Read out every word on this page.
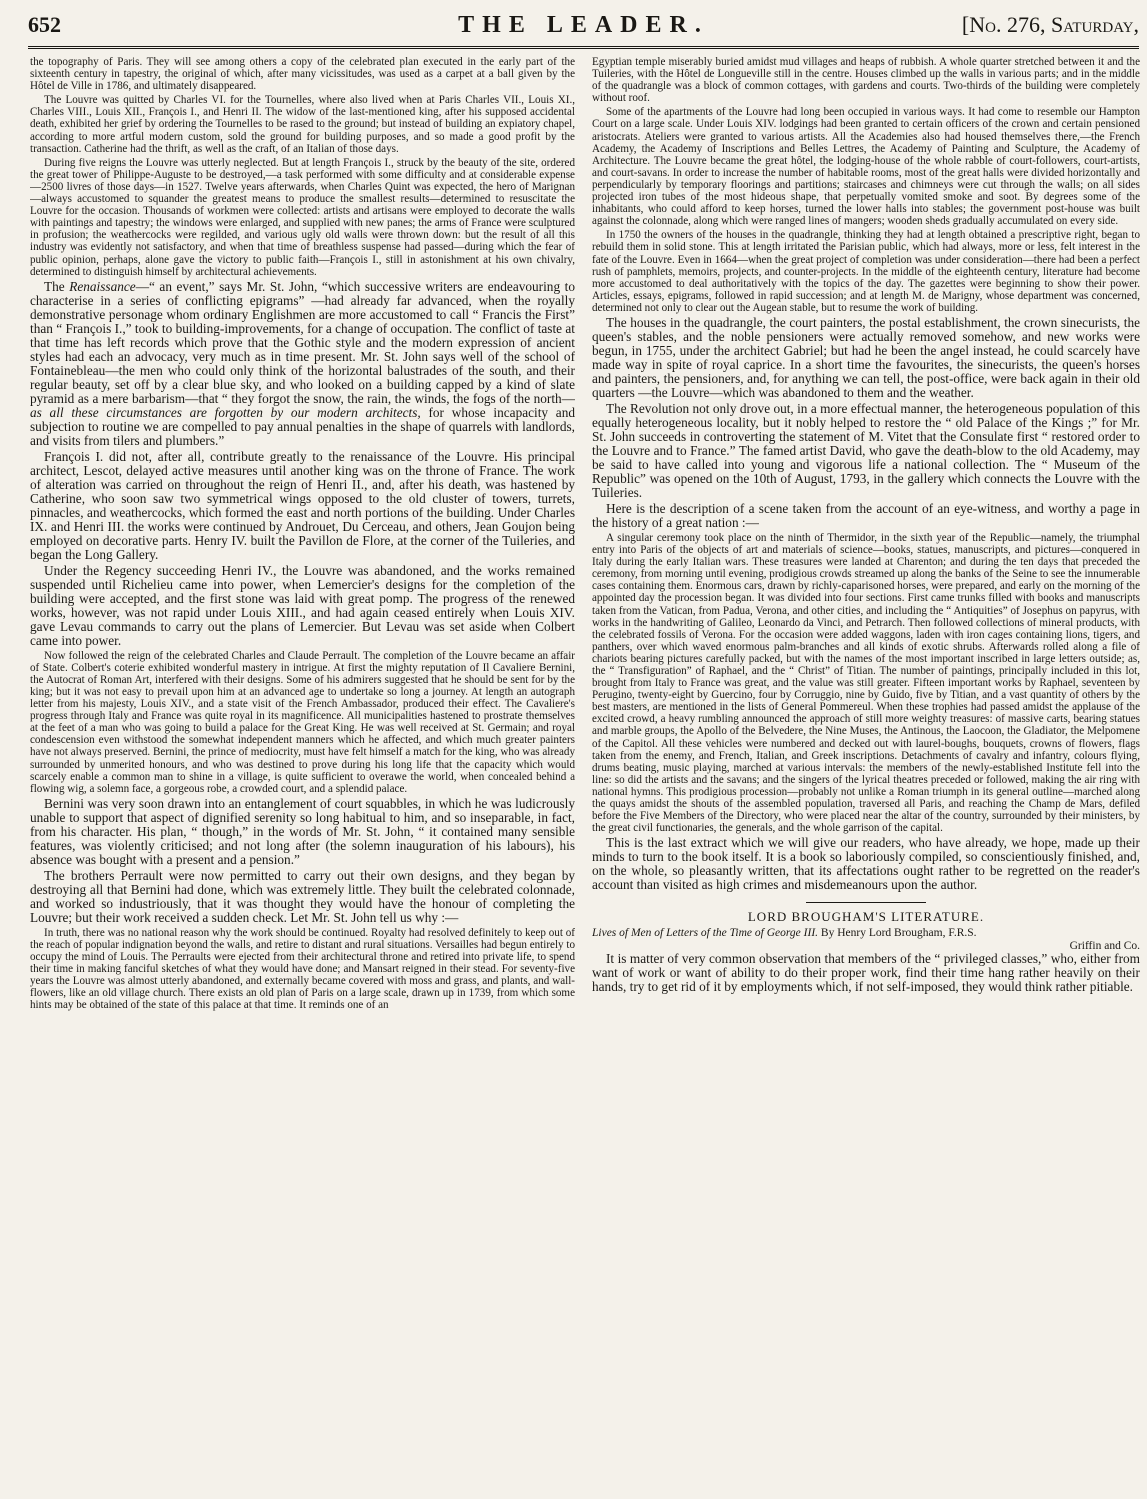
652	THE LEADER.	[No. 276, Saturday,

the topography of Paris. They will see among others a copy of the celebrated plan executed in the early part of the sixteenth century in tapestry, the original of which, after many vicissitudes, was used as a carpet at a ball given by the Hôtel de Ville in 1786, and ultimately disappeared.

The Louvre was quitted by Charles VI. for the Tournelles, where also lived when at Paris Charles VII., Louis XI., Charles VIII., Louis XII., François I., and Henri II. The widow of the last-mentioned king, after his supposed accidental death, exhibited her grief by ordering the Tournelles to be rased to the ground; but instead of building an expiatory chapel, according to more artful modern custom, sold the ground for building purposes, and so made a good profit by the transaction. Catherine had the thrift, as well as the craft, of an Italian of those days.

During five reigns the Louvre was utterly neglected. But at length François I., struck by the beauty of the site, ordered the great tower of Philippe-Auguste to be destroyed,—a task performed with some difficulty and at considerable expense—2500 livres of those days—in 1527. Twelve years afterwards, when Charles Quint was expected, the hero of Marignan—always accustomed to squander the greatest means to produce the smallest results—determined to resuscitate the Louvre for the occasion. Thousands of workmen were collected: artists and artisans were employed to decorate the walls with paintings and tapestry; the windows were enlarged, and supplied with new panes; the arms of France were sculptured in profusion; the weathercocks were regilded, and various ugly old walls were thrown down: but the result of all this industry was evidently not satisfactory, and when that time of breathless suspense had passed—during which the fear of public opinion, perhaps, alone gave the victory to public faith—François I., still in astonishment at his own chivalry, determined to distinguish himself by architectural achievements.

The Renaissance—“ an event,” says Mr. St. John, “which successive writers are endeavouring to characterise in a series of conflicting epigrams” —had already far advanced, when the royally demonstrative personage whom ordinary Englishmen are more accustomed to call “ Francis the First” than “ François I.,” took to building-improvements, for a change of occupation. The conflict of taste at that time has left records which prove that the Gothic style and the modern expression of ancient styles had each an advocacy, very much as in time present. Mr. St. John says well of the school of Fontainebleau—the men who could only think of the horizontal balustrades of the south, and their regular beauty, set off by a clear blue sky, and who looked on a building capped by a kind of slate pyramid as a mere barbarism—that “ they forgot the snow, the rain, the winds, the fogs of the north—as all these circumstances are forgotten by our modern architects, for whose incapacity and subjection to routine we are compelled to pay annual penalties in the shape of quarrels with landlords, and visits from tilers and plumbers.”

François I. did not, after all, contribute greatly to the renaissance of the Louvre. His principal architect, Lescot, delayed active measures until another king was on the throne of France. The work of alteration was carried on throughout the reign of Henri II., and, after his death, was hastened by Catherine, who soon saw two symmetrical wings opposed to the old cluster of towers, turrets, pinnacles, and weathercocks, which formed the east and north portions of the building. Under Charles IX. and Henri III. the works were continued by Androuet, Du Cerceau, and others, Jean Goujon being employed on decorative parts. Henry IV. built the Pavillon de Flore, at the corner of the Tuileries, and began the Long Gallery.

Under the Regency succeeding Henri IV., the Louvre was abandoned, and the works remained suspended until Richelieu came into power, when Lemercier's designs for the completion of the building were accepted, and the first stone was laid with great pomp. The progress of the renewed works, however, was not rapid under Louis XIII., and had again ceased entirely when Louis XIV. gave Levau commands to carry out the plans of Lemercier. But Levau was set aside when Colbert came into power.

Now followed the reign of the celebrated Charles and Claude Perrault. The completion of the Louvre became an affair of State. Colbert's coterie exhibited wonderful mastery in intrigue. At first the mighty reputation of Il Cavaliere Bernini, the Autocrat of Roman Art, interfered with their designs. Some of his admirers suggested that he should be sent for by the king; but it was not easy to prevail upon him at an advanced age to undertake so long a journey. At length an autograph letter from his majesty, Louis XIV., and a state visit of the French Ambassador, produced their effect. The Cavaliere's progress through Italy and France was quite royal in its magnificence. All municipalities hastened to prostrate themselves at the feet of a man who was going to build a palace for the Great King. He was well received at St. Germain; and royal condescension even withstood the somewhat independent manners which he affected, and which much greater painters have not always preserved. Bernini, the prince of mediocrity, must have felt himself a match for the king, who was already surrounded by unmerited honours, and who was destined to prove during his long life that the capacity which would scarcely enable a common man to shine in a village, is quite sufficient to overawe the world, when concealed behind a flowing wig, a solemn face, a gorgeous robe, a crowded court, and a splendid palace.

Bernini was very soon drawn into an entanglement of court squabbles, in which he was ludicrously unable to support that aspect of dignified serenity so long habitual to him, and so inseparable, in fact, from his character. His plan, “ though,” in the words of Mr. St. John, “ it contained many sensible features, was violently criticised; and not long after (the solemn inauguration of his labours), his absence was bought with a present and a pension.”

The brothers Perrault were now permitted to carry out their own designs, and they began by destroying all that Bernini had done, which was extremely little. They built the celebrated colonnade, and worked so industriously, that it was thought they would have the honour of completing the Louvre; but their work received a sudden check. Let Mr. St. John tell us why :—

In truth, there was no national reason why the work should be continued. Royalty had resolved definitely to keep out of the reach of popular indignation beyond the walls, and retire to distant and rural situations. Versailles had begun entirely to occupy the mind of Louis. The Perraults were ejected from their architectural throne and retired into private life, to spend their time in making fanciful sketches of what they would have done; and Mansart reigned in their stead. For seventy-five years the Louvre was almost utterly abandoned, and externally became covered with moss and grass, and plants, and wall-flowers, like an old village church. There exists an old plan of Paris on a large scale, drawn up in 1739, from which some hints may be obtained of the state of this palace at that time. It reminds one of an

Egyptian temple miserably buried amidst mud villages and heaps of rubbish. A whole quarter stretched between it and the Tuileries, with the Hôtel de Longueville still in the centre. Houses climbed up the walls in various parts; and in the middle of the quadrangle was a block of common cottages, with gardens and courts. Two-thirds of the building were completely without roof.

Some of the apartments of the Louvre had long been occupied in various ways. It had come to resemble our Hampton Court on a large scale. Under Louis XIV. lodgings had been granted to certain officers of the crown and certain pensioned aristocrats. Ateliers were granted to various artists. All the Academies also had housed themselves there,—the French Academy, the Academy of Inscriptions and Belles Lettres, the Academy of Painting and Sculpture, the Academy of Architecture. The Louvre became the great hôtel, the lodging-house of the whole rabble of court-followers, court-artists, and court-savans. In order to increase the number of habitable rooms, most of the great halls were divided horizontally and perpendicularly by temporary floorings and partitions; staircases and chimneys were cut through the walls; on all sides projected iron tubes of the most hideous shape, that perpetually vomited smoke and soot. By degrees some of the inhabitants, who could afford to keep horses, turned the lower halls into stables; the government post-house was built against the colonnade, along which were ranged lines of mangers; wooden sheds gradually accumulated on every side.

In 1750 the owners of the houses in the quadrangle, thinking they had at length obtained a prescriptive right, began to rebuild them in solid stone. This at length irritated the Parisian public, which had always, more or less, felt interest in the fate of the Louvre. Even in 1664—when the great project of completion was under consideration—there had been a perfect rush of pamphlets, memoirs, projects, and counter-projects. In the middle of the eighteenth century, literature had become more accustomed to deal authoritatively with the topics of the day. The gazettes were beginning to show their power. Articles, essays, epigrams, followed in rapid succession; and at length M. de Marigny, whose department was concerned, determined not only to clear out the Augean stable, but to resume the work of building.

The houses in the quadrangle, the court painters, the postal establishment, the crown sinecurists, the queen's stables, and the noble pensioners were actually removed somehow, and new works were begun, in 1755, under the architect Gabriel; but had he been the angel instead, he could scarcely have made way in spite of royal caprice. In a short time the favourites, the sinecurists, the queen's horses and painters, the pensioners, and, for anything we can tell, the post-office, were back again in their old quarters —the Louvre—which was abandoned to them and the weather.

The Revolution not only drove out, in a more effectual manner, the heterogeneous population of this equally heterogeneous locality, but it nobly helped to restore the “ old Palace of the Kings ;” for Mr. St. John succeeds in controverting the statement of M. Vitet that the Consulate first “ restored order to the Louvre and to France.” The famed artist David, who gave the death-blow to the old Academy, may be said to have called into young and vigorous life a national collection. The “ Museum of the Republic” was opened on the 10th of August, 1793, in the gallery which connects the Louvre with the Tuileries.

Here is the description of a scene taken from the account of an eye-witness, and worthy a page in the history of a great nation :—

A singular ceremony took place on the ninth of Thermidor, in the sixth year of the Republic—namely, the triumphal entry into Paris of the objects of art and materials of science—books, statues, manuscripts, and pictures—conquered in Italy during the early Italian wars. These treasures were landed at Charenton; and during the ten days that preceded the ceremony, from morning until evening, prodigious crowds streamed up along the banks of the Seine to see the innumerable cases containing them. Enormous cars, drawn by richly-caparisoned horses, were prepared, and early on the morning of the appointed day the procession began. It was divided into four sections. First came trunks filled with books and manuscripts taken from the Vatican, from Padua, Verona, and other cities, and including the “ Antiquities” of Josephus on papyrus, with works in the handwriting of Galileo, Leonardo da Vinci, and Petrarch. Then followed collections of mineral products, with the celebrated fossils of Verona. For the occasion were added waggons, laden with iron cages containing lions, tigers, and panthers, over which waved enormous palm-branches and all kinds of exotic shrubs. Afterwards rolled along a file of chariots bearing pictures carefully packed, but with the names of the most important inscribed in large letters outside; as, the “ Transfiguration” of Raphael, and the “ Christ” of Titian. The number of paintings, principally included in this lot, brought from Italy to France was great, and the value was still greater. Fifteen important works by Raphael, seventeen by Perugino, twenty-eight by Guercino, four by Corruggio, nine by Guido, five by Titian, and a vast quantity of others by the best masters, are mentioned in the lists of General Pommereul. When these trophies had passed amidst the applause of the excited crowd, a heavy rumbling announced the approach of still more weighty treasures: of massive carts, bearing statues and marble groups, the Apollo of the Belvedere, the Nine Muses, the Antinous, the Laocoon, the Gladiator, the Melpomene of the Capitol. All these vehicles were numbered and decked out with laurel-boughs, bouquets, crowns of flowers, flags taken from the enemy, and French, Italian, and Greek inscriptions. Detachments of cavalry and infantry, colours flying, drums beating, music playing, marched at various intervals: the members of the newly-established Institute fell into the line: so did the artists and the savans; and the singers of the lyrical theatres preceded or followed, making the air ring with national hymns. This prodigious procession—probably not unlike a Roman triumph in its general outline—marched along the quays amidst the shouts of the assembled population, traversed all Paris, and reaching the Champ de Mars, defiled before the Five Members of the Directory, who were placed near the altar of the country, surrounded by their ministers, by the great civil functionaries, the generals, and the whole garrison of the capital.

This is the last extract which we will give our readers, who have already, we hope, made up their minds to turn to the book itself. It is a book so laboriously compiled, so conscientiously finished, and, on the whole, so pleasantly written, that its affectations ought rather to be regretted on the reader's account than visited as high crimes and misdemeanours upon the author.

LORD BROUGHAM'S LITERATURE.
Lives of Men of Letters of the Time of George III. By Henry Lord Brougham, F.R.S.
Griffin and Co.

It is matter of very common observation that members of the “ privileged classes,” who, either from want of work or want of ability to do their proper work, find their time hang rather heavily on their hands, try to get rid of it by employments which, if not self-imposed, they would think rather pitiable.
